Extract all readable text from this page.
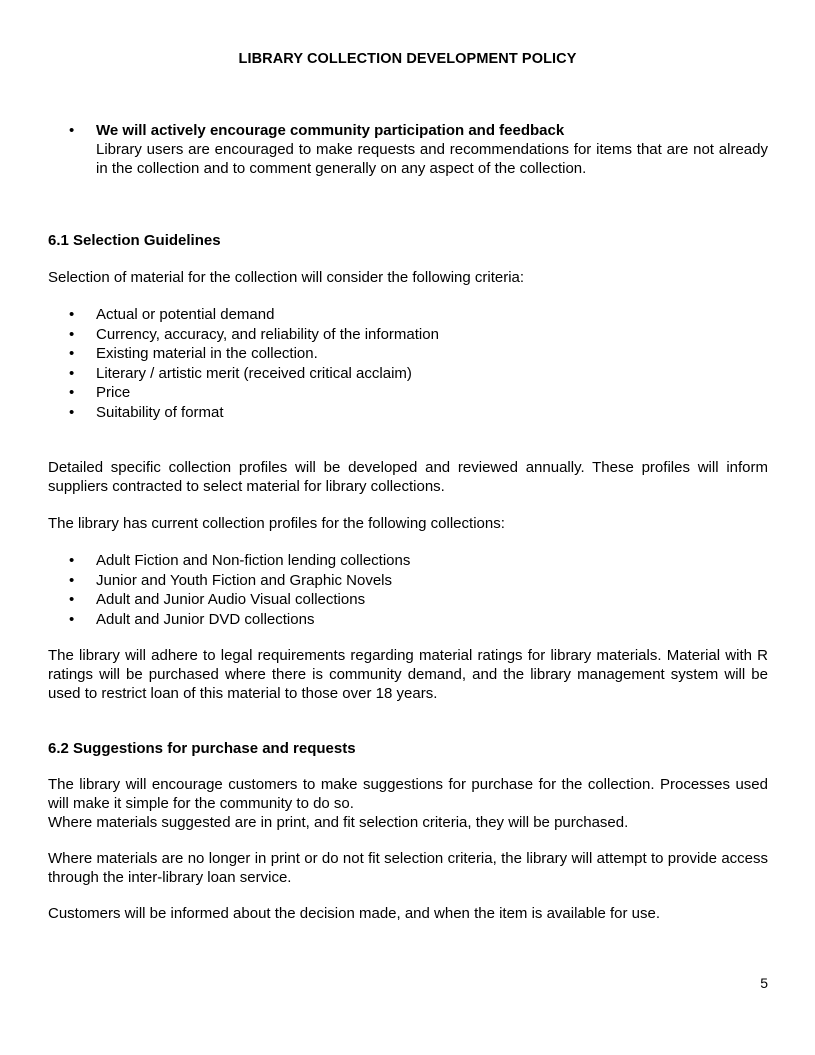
LIBRARY COLLECTION DEVELOPMENT POLICY
• We will actively encourage community participation and feedback
Library users are encouraged to make requests and recommendations for items that are not already in the collection and to comment generally on any aspect of the collection.
6.1 Selection Guidelines
Selection of material for the collection will consider the following criteria:
• Actual or potential demand
• Currency, accuracy, and reliability of the information
• Existing material in the collection.
• Literary / artistic merit (received critical acclaim)
• Price
• Suitability of format
Detailed specific collection profiles will be developed and reviewed annually. These profiles will inform suppliers contracted to select material for library collections.
The library has current collection profiles for the following collections:
• Adult Fiction and Non-fiction lending collections
• Junior and Youth Fiction and Graphic Novels
• Adult and Junior Audio Visual collections
• Adult and Junior DVD collections
The library will adhere to legal requirements regarding material ratings for library materials. Material with R ratings will be purchased where there is community demand, and the library management system will be used to restrict loan of this material to those over 18 years.
6.2 Suggestions for purchase and requests
The library will encourage customers to make suggestions for purchase for the collection. Processes used will make it simple for the community to do so.
Where materials suggested are in print, and fit selection criteria, they will be purchased.
Where materials are no longer in print or do not fit selection criteria, the library will attempt to provide access through the inter-library loan service.
Customers will be informed about the decision made, and when the item is available for use.
5
